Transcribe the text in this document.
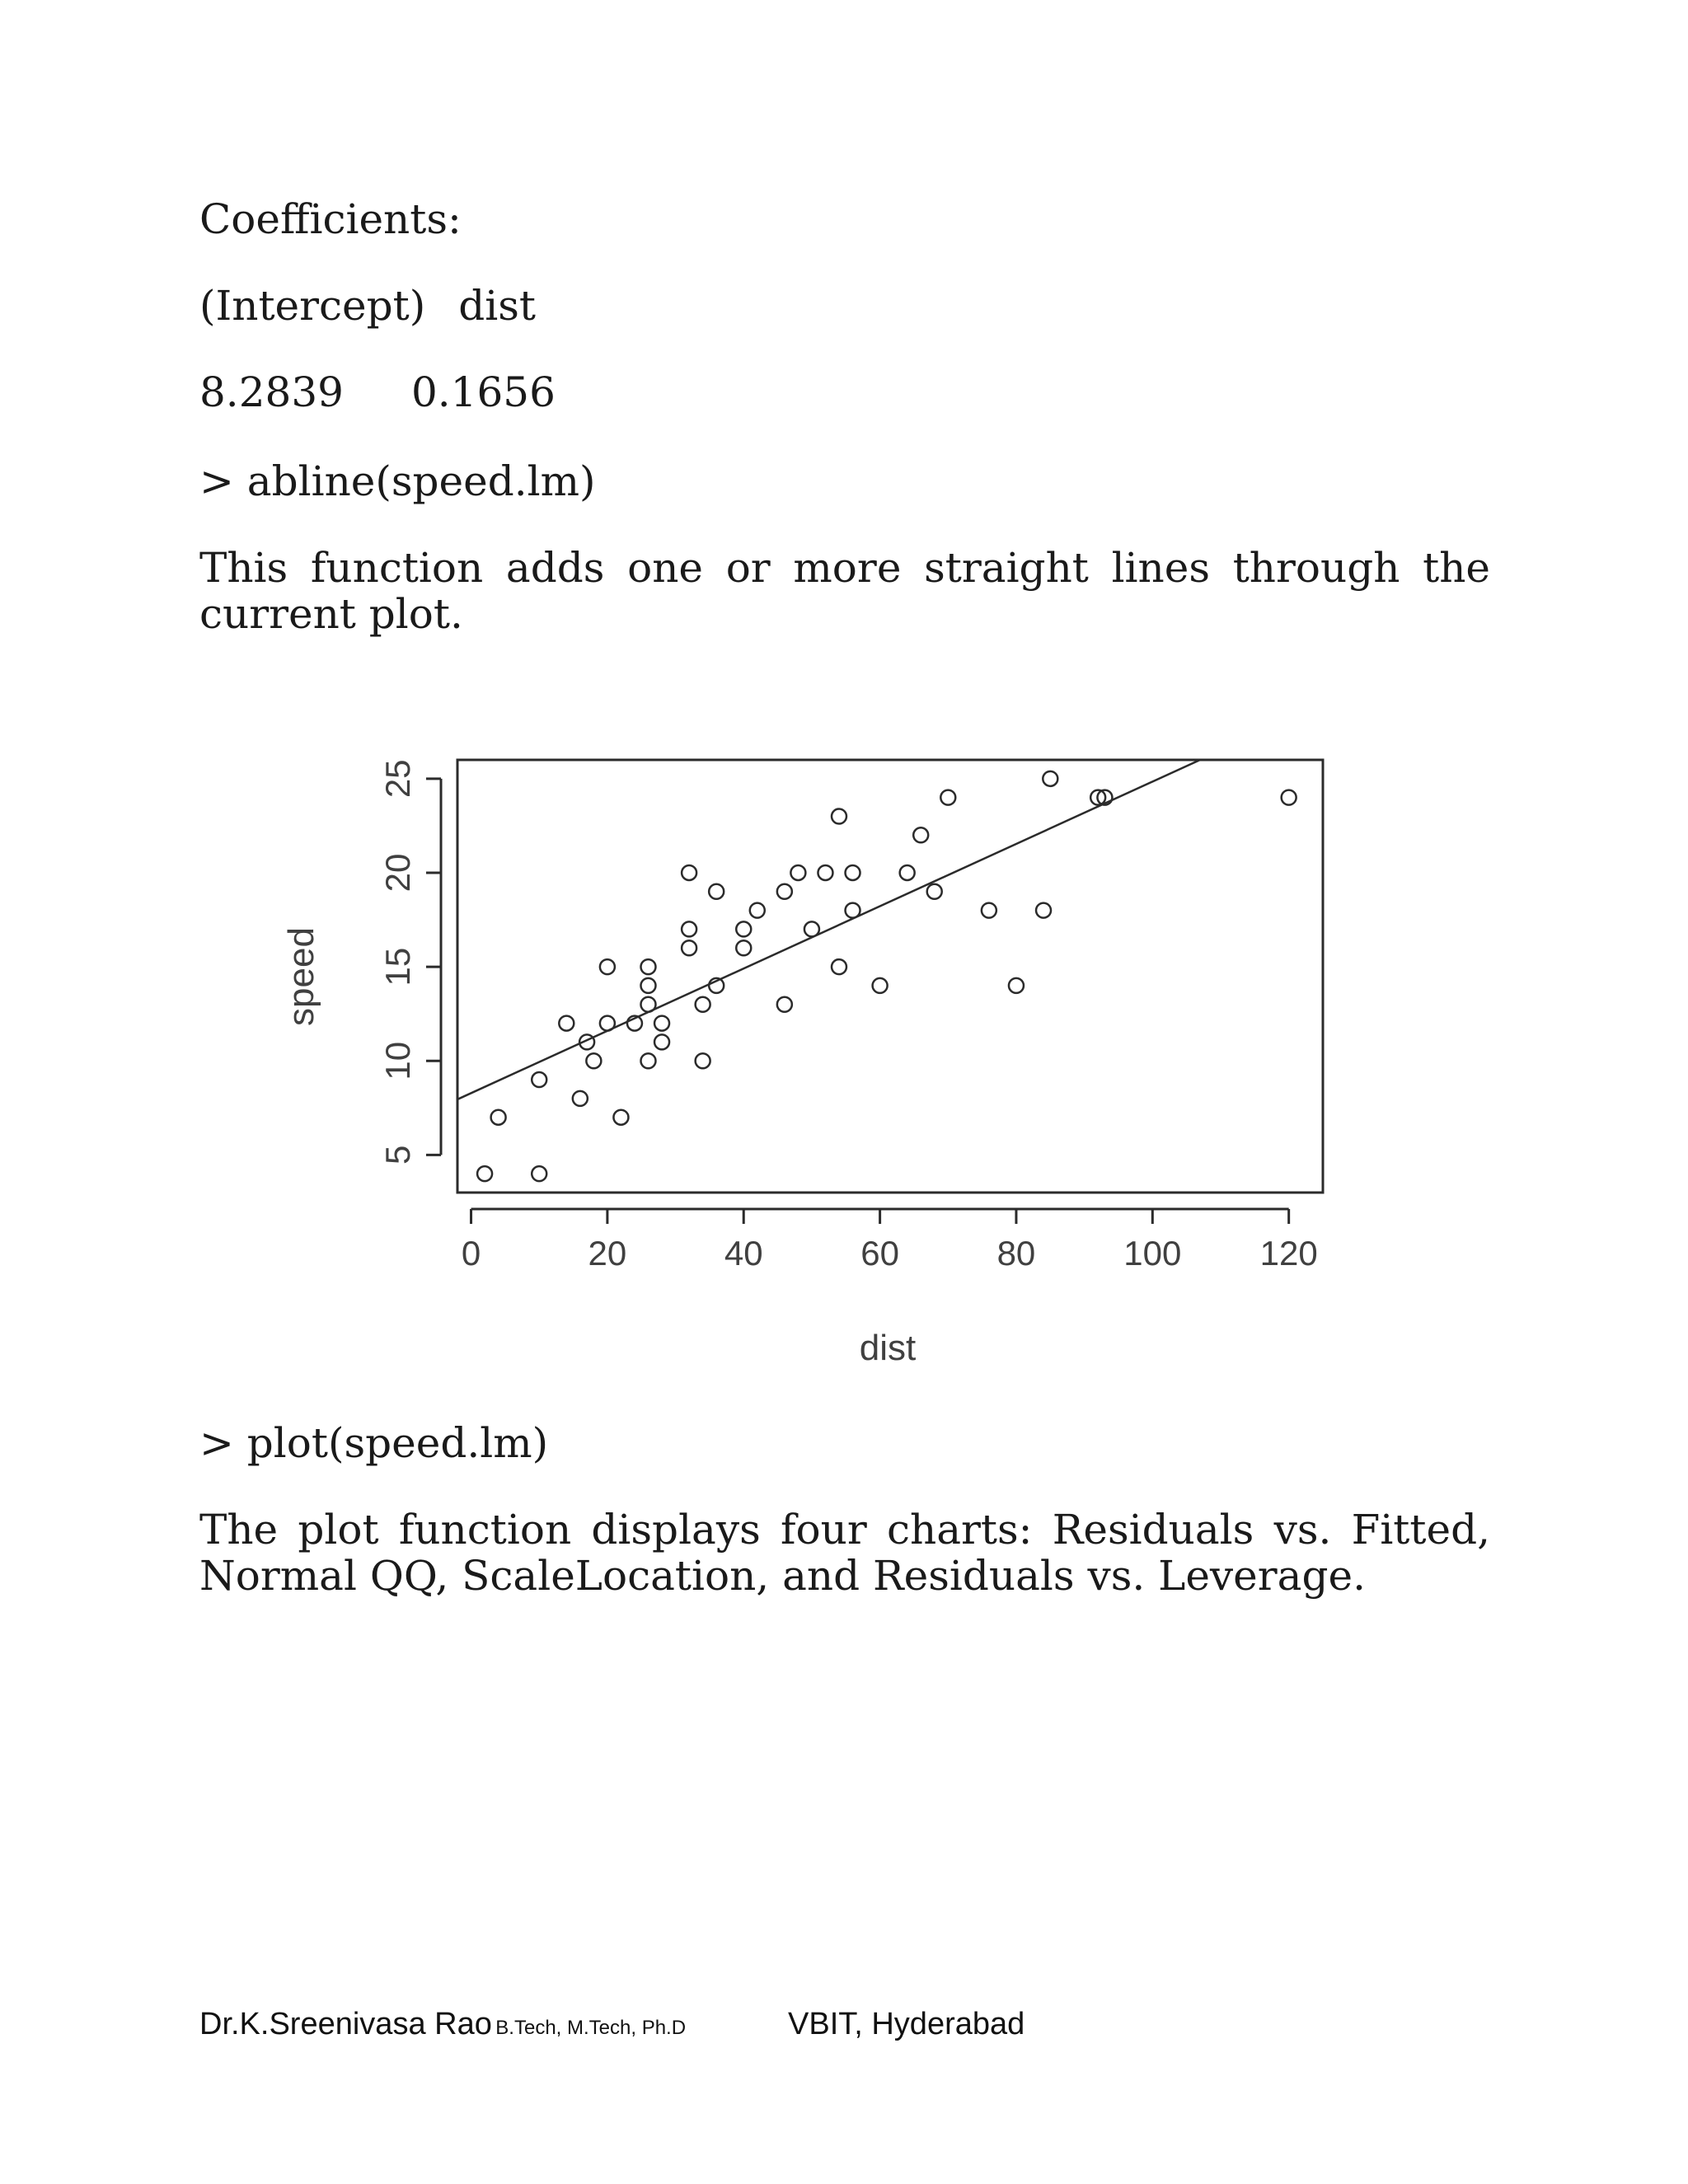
Coefficients:

(Intercept) dist

8.2839 0.1656

> abline(speed.lm)

This function adds one or more straight lines through the current plot.

5
10
15
20
25
0	20	40	60	80	100 120
dist
speed

> plot(speed.lm)

The plot function displays four charts: Residuals vs. Fitted, Normal QQ, ScaleLocation, and Residuals vs. Leverage.

Dr.K.Sreenivasa Rao B.Tech, M.Tech, Ph.D	VBIT, Hyderabad
